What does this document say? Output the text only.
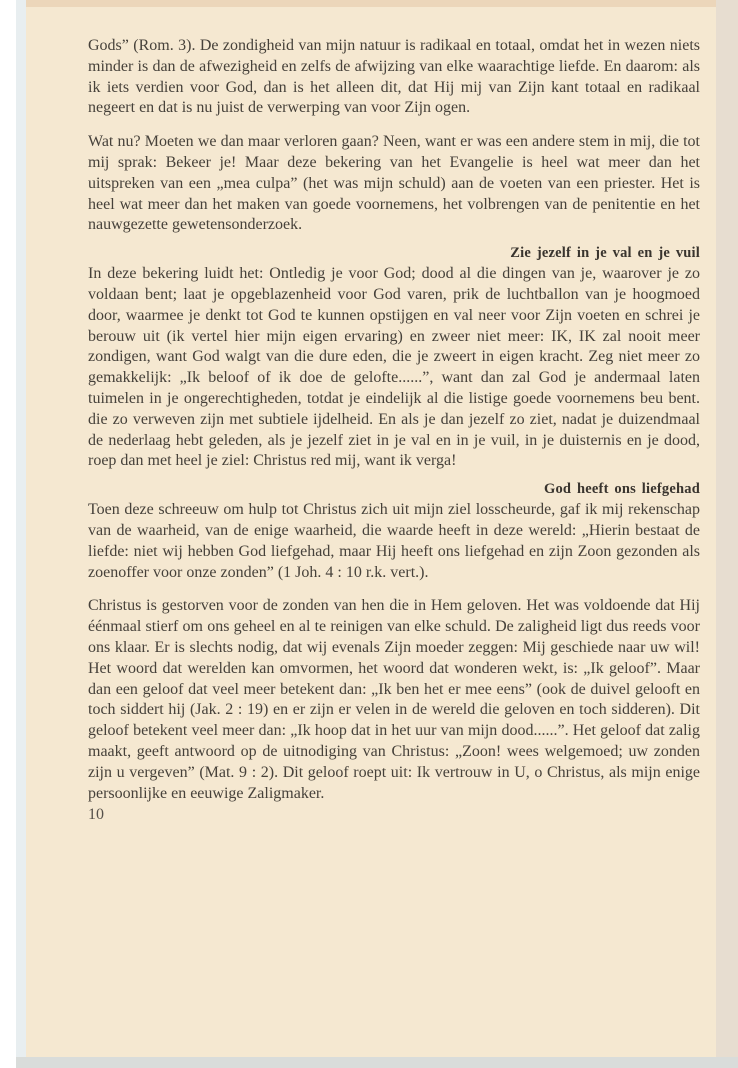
Gods” (Rom. 3). De zondigheid van mijn natuur is radikaal en totaal, omdat het in wezen niets minder is dan de afwezigheid en zelfs de afwijzing van elke waarachtige liefde. En daarom: als ik iets verdien voor God, dan is het alleen dit, dat Hij mij van Zijn kant totaal en radikaal negeert en dat is nu juist de verwerping van voor Zijn ogen.

Wat nu? Moeten we dan maar verloren gaan? Neen, want er was een andere stem in mij, die tot mij sprak: Bekeer je! Maar deze bekering van het Evangelie is heel wat meer dan het uitspreken van een „mea culpa” (het was mijn schuld) aan de voeten van een priester. Het is heel wat meer dan het maken van goede voornemens, het volbrengen van de penitentie en het nauwgezette gewetensonderzoek.

Zie jezelf in je val en je vuil

In deze bekering luidt het: Ontledig je voor God; dood al die dingen van je, waarover je zo voldaan bent; laat je opgeblazenheid voor God varen, prik de luchtballon van je hoogmoed door, waarmee je denkt tot God te kunnen opstijgen en val neer voor Zijn voeten en schrei je berouw uit (ik vertel hier mijn eigen ervaring) en zweer niet meer: IK, IK zal nooit meer zondigen, want God walgt van die dure eden, die je zweert in eigen kracht. Zeg niet meer zo gemakkelijk: „Ik beloof of ik doe de gelofte......”, want dan zal God je andermaal laten tuimelen in je ongerechtigheden, totdat je eindelijk al die listige goede voornemens beu bent. die zo verweven zijn met subtiele ijdelheid. En als je dan jezelf zo ziet, nadat je duizendmaal de nederlaag hebt geleden, als je jezelf ziet in je val en in je vuil, in je duisternis en je dood, roep dan met heel je ziel: Christus red mij, want ik verga!

God heeft ons liefgehad

Toen deze schreeuw om hulp tot Christus zich uit mijn ziel losscheurde, gaf ik mij rekenschap van de waarheid, van de enige waarheid, die waarde heeft in deze wereld: „Hierin bestaat de liefde: niet wij hebben God liefgehad, maar Hij heeft ons liefgehad en zijn Zoon gezonden als zoenoffer voor onze zonden” (1 Joh. 4 : 10 r.k. vert.).

Christus is gestorven voor de zonden van hen die in Hem geloven. Het was voldoende dat Hij éénmaal stierf om ons geheel en al te reinigen van elke schuld. De zaligheid ligt dus reeds voor ons klaar. Er is slechts nodig, dat wij evenals Zijn moeder zeggen: Mij geschiede naar uw wil! Het woord dat werelden kan omvormen, het woord dat wonderen wekt, is: „Ik geloof”. Maar dan een geloof dat veel meer betekent dan: „Ik ben het er mee eens” (ook de duivel gelooft en toch siddert hij (Jak. 2 : 19) en er zijn er velen in de wereld die geloven en toch sidderen). Dit geloof betekent veel meer dan: „Ik hoop dat in het uur van mijn dood......”. Het geloof dat zalig maakt, geeft antwoord op de uitnodiging van Christus: „Zoon! wees welgemoed; uw zonden zijn u vergeven” (Mat. 9 : 2). Dit geloof roept uit: Ik vertrouw in U, o Christus, als mijn enige persoonlijke en eeuwige Zaligmaker.

10
